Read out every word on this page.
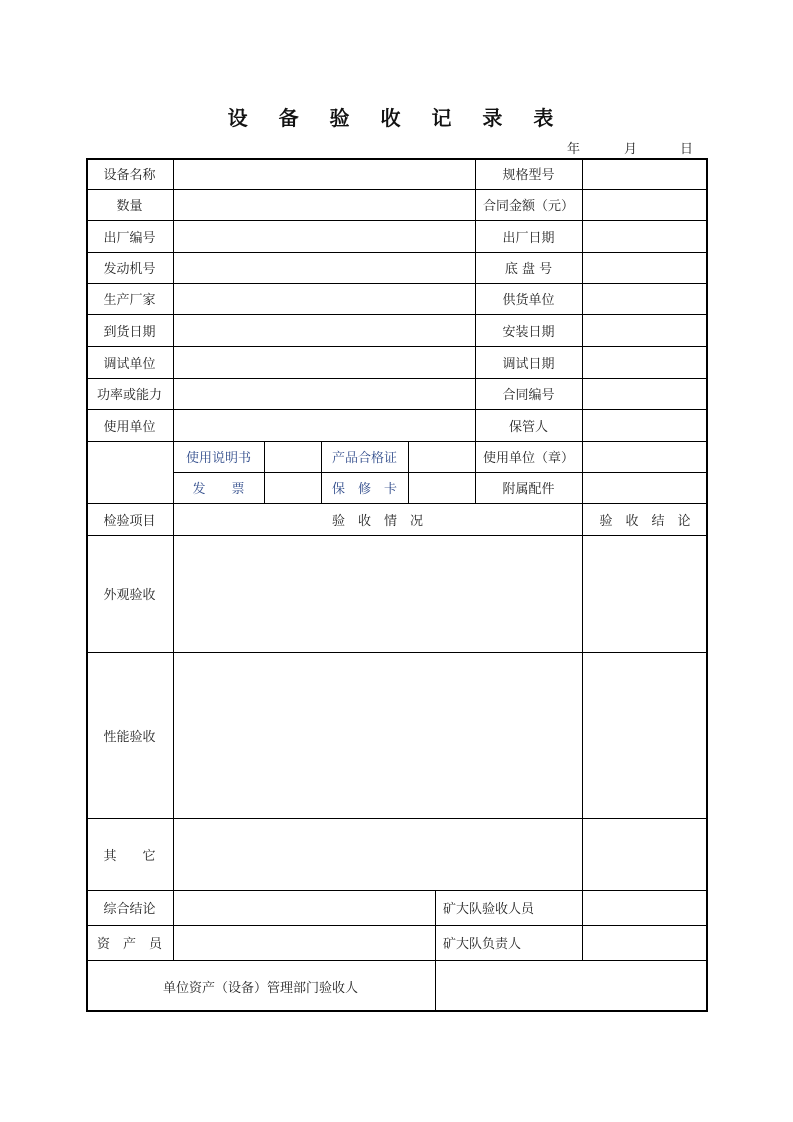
设 备 验 收 记 录 表
年	月	日
设备名称	规格型号
数量	合同金额（元）
出厂编号	出厂日期
发动机号	底 盘 号
生产厂家	供货单位
到货日期	安装日期
调试单位	调试日期
功率或能力	合同编号
使用单位	保管人
使用说明书	产品合格证	使用单位（章）
发　　票	保　修　卡	附属配件
检验项目	验　收　情　况	验　收　结　论
外观验收
性能验收
其　　它
综合结论	矿大队验收人员
资　产　员	矿大队负责人
单位资产（设备）管理部门验收人
